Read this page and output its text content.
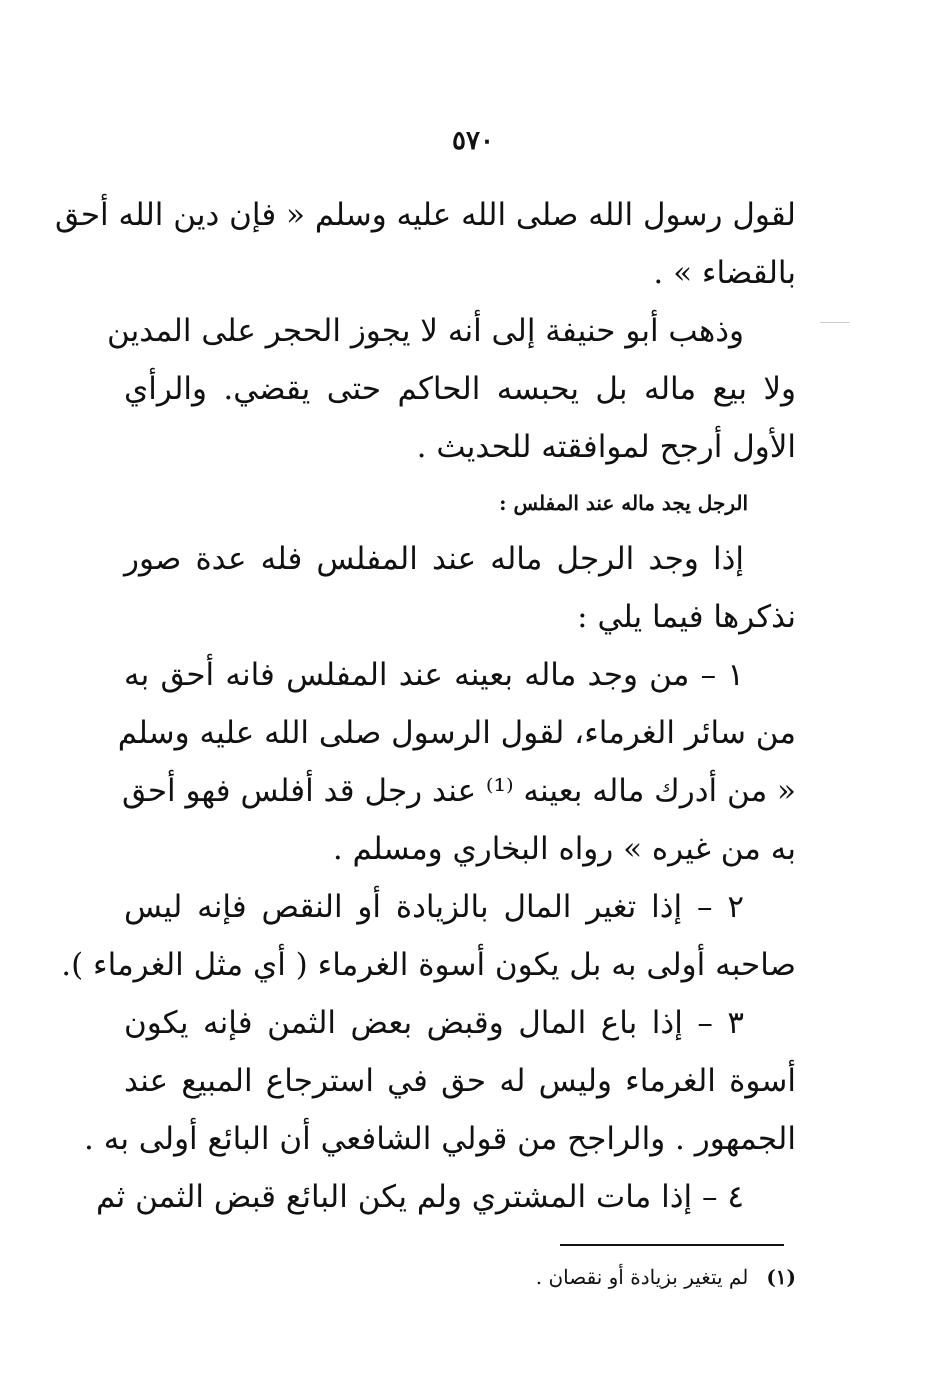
٥٧٠
لقول رسول الله صلى الله عليه وسلم « فإن دين الله أحق
بالقضاء » .
وذهب أبو حنيفة إلى أنه لا يجوز الحجر على المدين
ولا بيع ماله بل يحبسه الحاكم حتى يقضي. والرأي
الأول أرجح لموافقته للحديث .
الرجل يجد ماله عند المفلس :
إذا وجد الرجل ماله عند المفلس فله عدة صور
نذكرها فيما يلي :
١ – من وجد ماله بعينه عند المفلس فانه أحق به
من سائر الغرماء، لقول الرسول صلى الله عليه وسلم
« من أدرك ماله بعينه ⁽¹⁾ عند رجل قد أفلس فهو أحق
به من غيره » رواه البخاري ومسلم .
٢ – إذا تغير المال بالزيادة أو النقص فإنه ليس
صاحبه أولى به بل يكون أسوة الغرماء ( أي مثل الغرماء ).
٣ – إذا باع المال وقبض بعض الثمن فإنه يكون
أسوة الغرماء وليس له حق في استرجاع المبيع عند
الجمهور . والراجح من قولي الشافعي أن البائع أولى به .
٤ – إذا مات المشتري ولم يكن البائع قبض الثمن ثم
(١)لم يتغير بزيادة أو نقصان .
